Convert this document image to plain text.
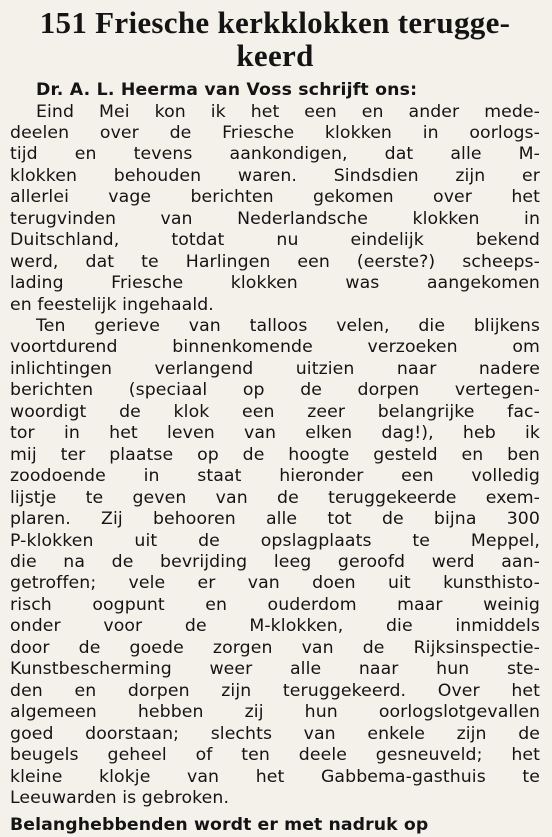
151 Friesche kerkklokken terugge-
keerd
Dr. A. L. Heerma van Voss schrijft ons:
Eind Mei kon ik het een en ander mede-
deelen over de Friesche klokken in oorlogs-
tijd en tevens aankondigen, dat alle M-
klokken behouden waren. Sindsdien zijn er
allerlei vage berichten gekomen over het
terugvinden van Nederlandsche klokken in
Duitschland, totdat nu eindelijk bekend
werd, dat te Harlingen een (eerste?) scheeps-
lading Friesche klokken was aangekomen
en feestelijk ingehaald.
Ten gerieve van talloos velen, die blijkens
voortdurend binnenkomende verzoeken om
inlichtingen verlangend uitzien naar nadere
berichten (speciaal op de dorpen vertegen-
woordigt de klok een zeer belangrijke fac-
tor in het leven van elken dag!), heb ik
mij ter plaatse op de hoogte gesteld en ben
zoodoende in staat hieronder een volledig
lijstje te geven van de teruggekeerde exem-
plaren. Zij behooren alle tot de bijna 300
P-klokken uit de opslagplaats te Meppel,
die na de bevrijding leeg geroofd werd aan-
getroffen; vele er van doen uit kunsthisto-
risch oogpunt en ouderdom maar weinig
onder voor de M-klokken, die inmiddels
door de goede zorgen van de Rijksinspectie-
Kunstbescherming weer alle naar hun ste-
den en dorpen zijn teruggekeerd. Over het
algemeen hebben zij hun oorlogslotgevallen
goed doorstaan; slechts van enkele zijn de
beugels geheel of ten deele gesneuveld; het
kleine klokje van het Gabbema-gasthuis te
Leeuwarden is gebroken.
Belanghebbenden wordt er met nadruk op
